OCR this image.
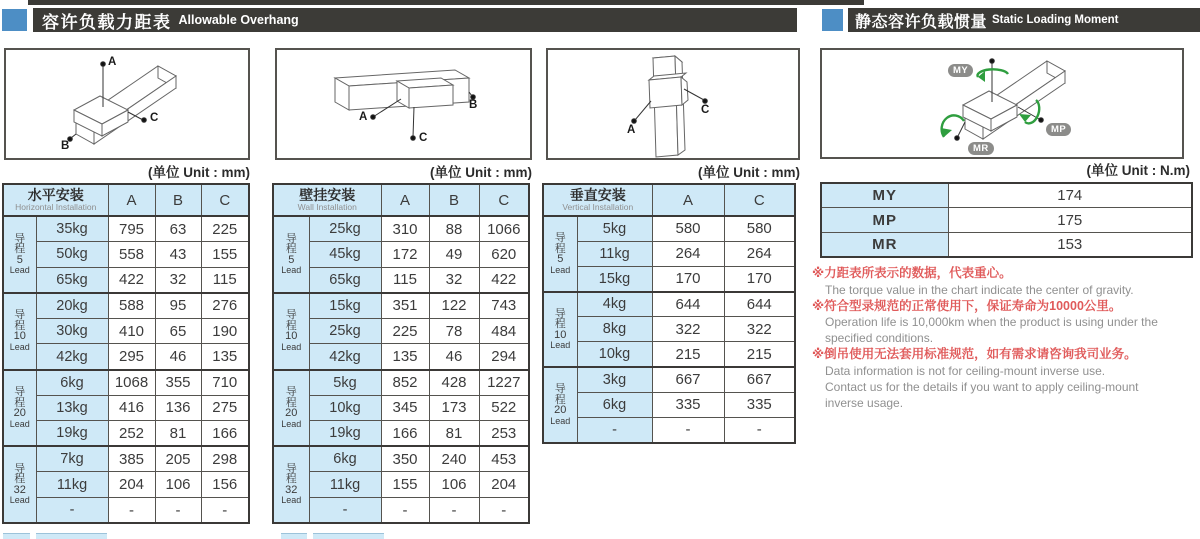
容许负载力距表 Allowable Overhang	静态容许负载惯量 Static Loading Moment
A
B
C
(单位 Unit : mm)
A
B
C
(单位 Unit : mm)
A
C
(单位 Unit : mm)
MY
MP
MR
(单位 Unit : N.m)
水平安装
Horizontal Installation		A	B	C

导
程
5
Lead	35kg	795	63	225
	50kg	558	43	155
	65kg	422	32	115

导
程
10
Lead	20kg	588	95	276
	30kg	410	65	190
	42kg	295	46	135

导
程
20
Lead	6kg	1068	355	710
	13kg	416	136	275
	19kg	252	81	166

导
程
32
Lead	7kg	385	205	298
	11kg	204	106	156
	-	-	-	-
壁挂安装
Wall Installation		A	B	C

导
程
5
Lead	25kg	310	88	1066
	45kg	172	49	620
	65kg	115	32	422

导
程
10
Lead	15kg	351	122	743
	25kg	225	78	484
	42kg	135	46	294

导
程
20
Lead	5kg	852	428	1227
	10kg	345	173	522
	19kg	166	81	253

导
程
32
Lead	6kg	350	240	453
	11kg	155	106	204
	-	-	-	-
垂直安装
Vertical Installation		A	C

导
程
5
Lead	5kg	580	580
	11kg	264	264
	15kg	170	170

导
程
10
Lead	4kg	644	644
	8kg	322	322
	10kg	215	215

导
程
20
Lead	3kg	667	667
	6kg	335	335
	-	-	-
MY	174
MP	175
MR	153
※力距表所表示的数据，代表重心。
The torque value in the chart indicate the center of gravity.
※符合型录规范的正常使用下，保证寿命为10000公里。
Operation life is 10,000km when the product is using under the
specified conditions.
※倒吊使用无法套用标准规范，如有需求请咨询我司业务。
Data information is not for ceiling-mount inverse use.
Contact us for the details if you want to apply ceiling-mount
inverse usage.
